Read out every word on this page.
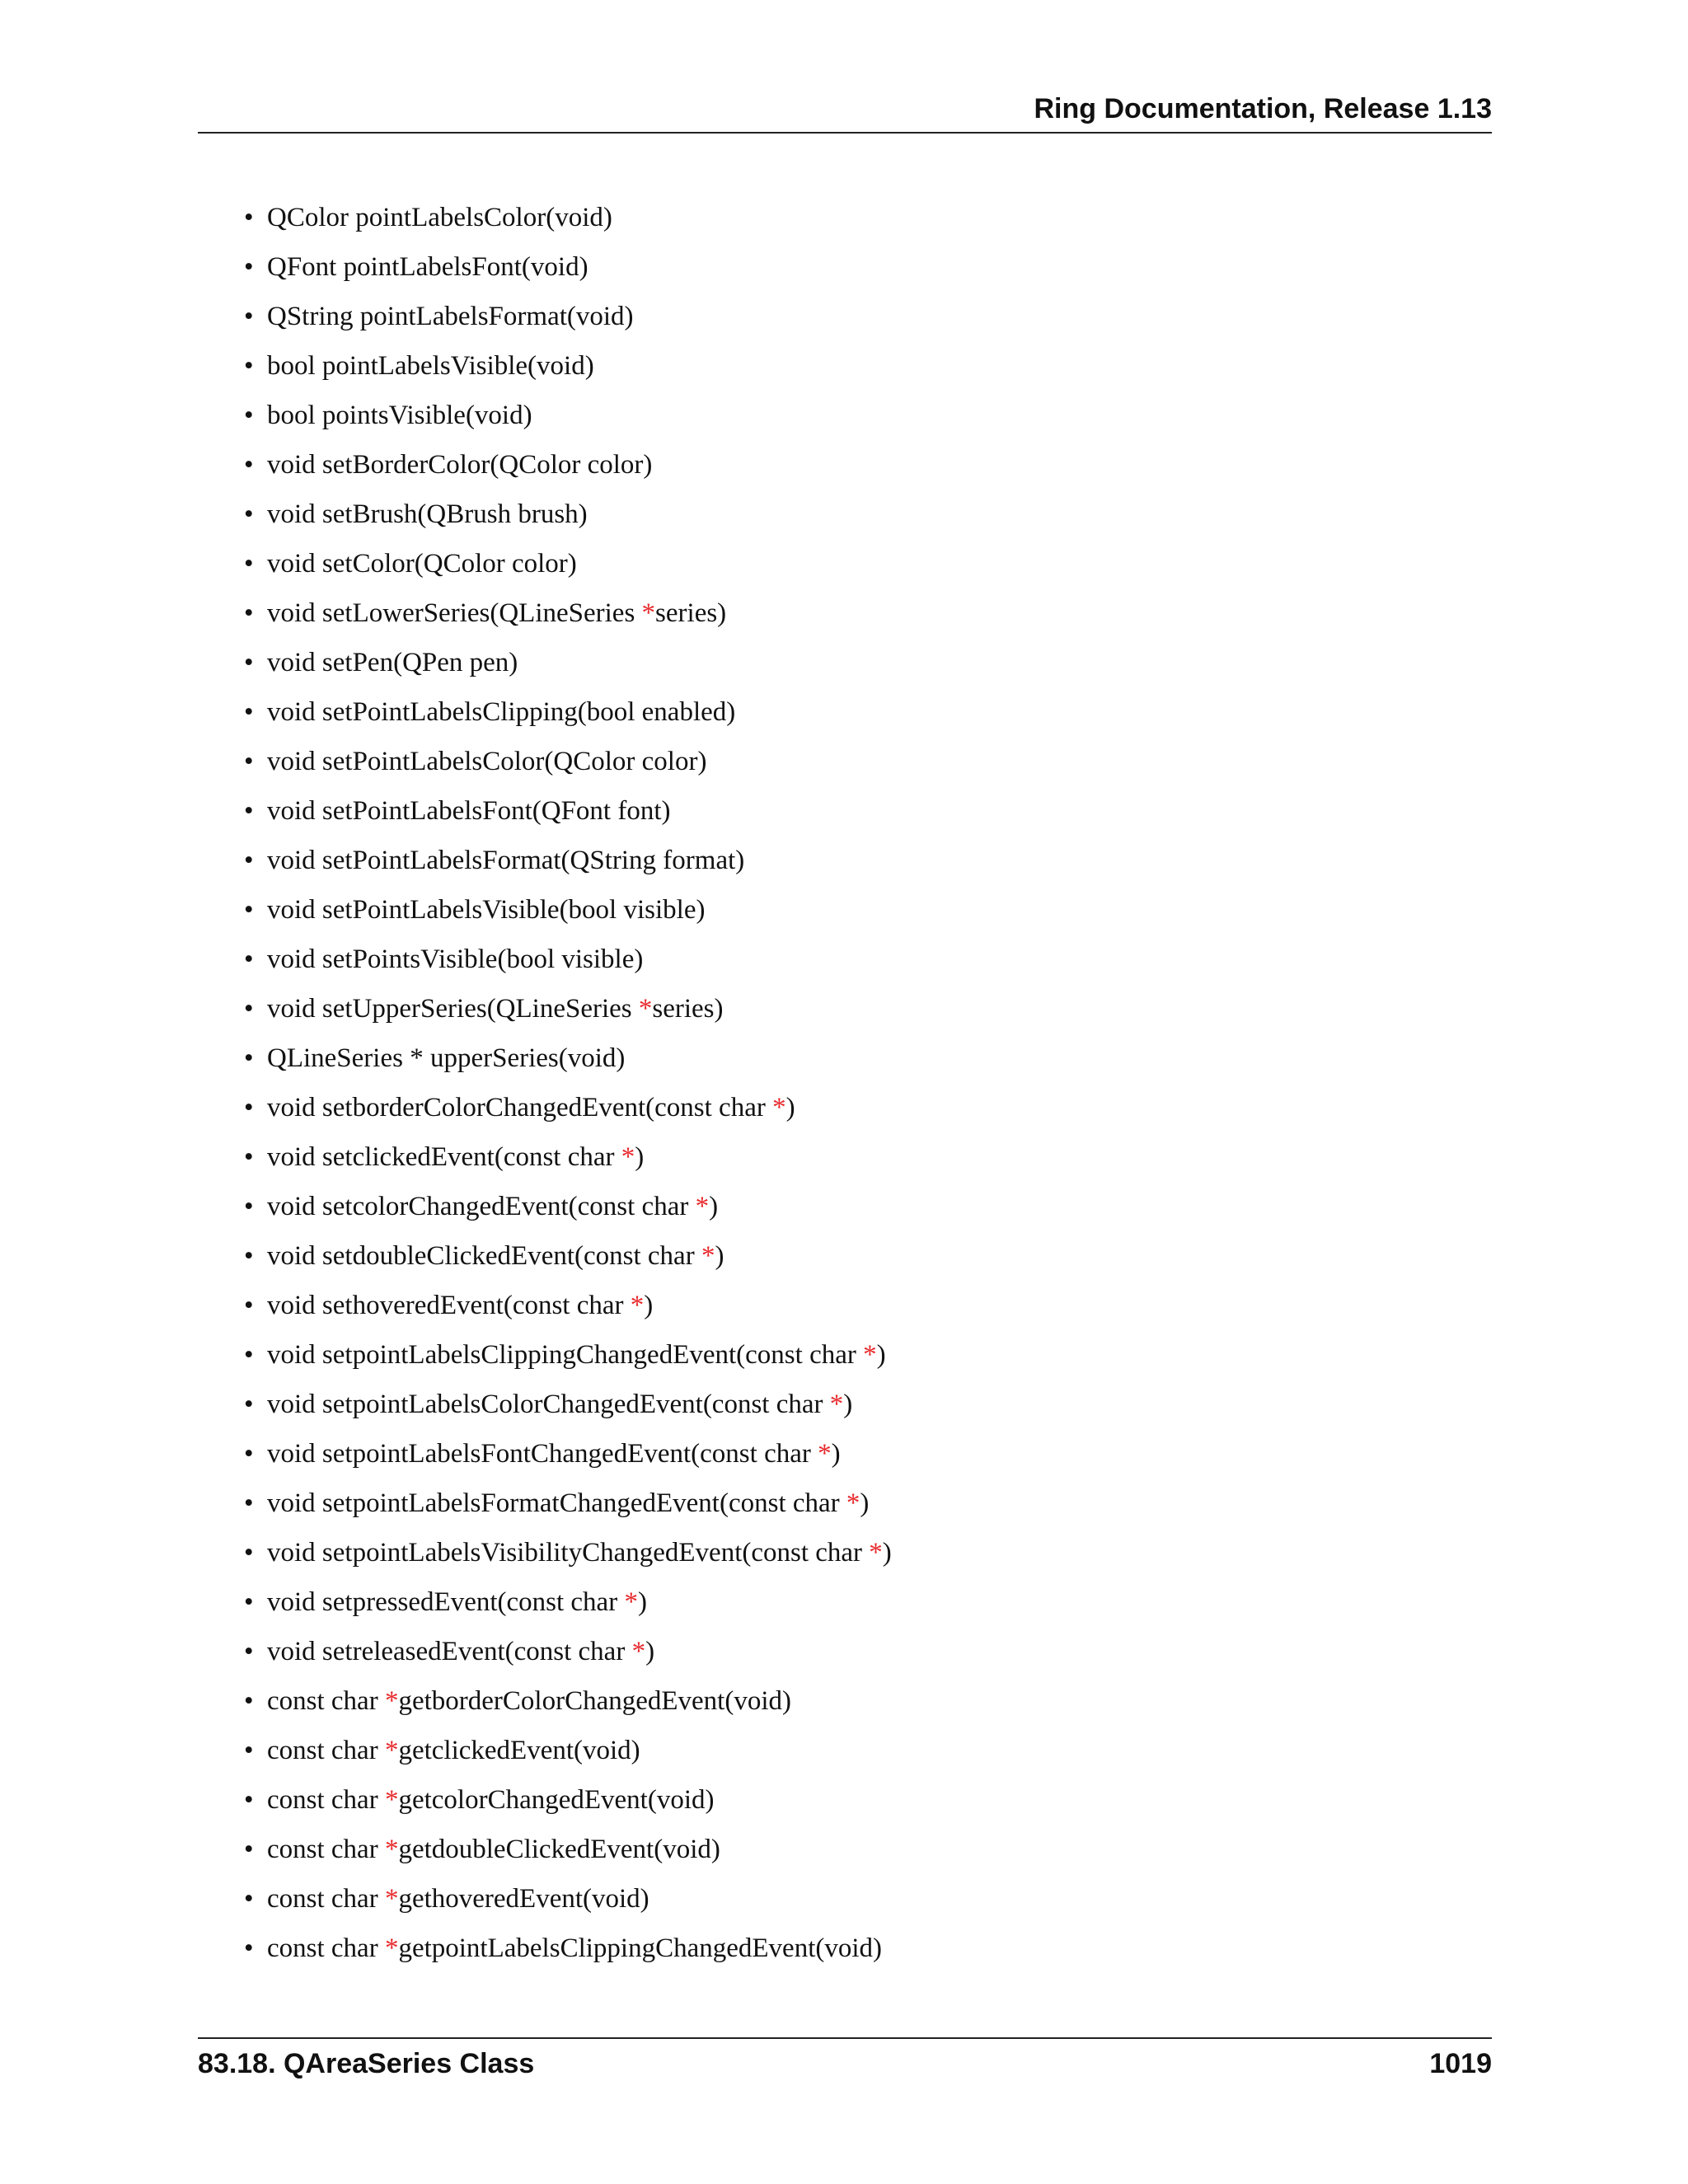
Ring Documentation, Release 1.13
• QColor pointLabelsColor(void)
• QFont pointLabelsFont(void)
• QString pointLabelsFormat(void)
• bool pointLabelsVisible(void)
• bool pointsVisible(void)
• void setBorderColor(QColor color)
• void setBrush(QBrush brush)
• void setColor(QColor color)
• void setLowerSeries(QLineSeries *series)
• void setPen(QPen pen)
• void setPointLabelsClipping(bool enabled)
• void setPointLabelsColor(QColor color)
• void setPointLabelsFont(QFont font)
• void setPointLabelsFormat(QString format)
• void setPointLabelsVisible(bool visible)
• void setPointsVisible(bool visible)
• void setUpperSeries(QLineSeries *series)
• QLineSeries * upperSeries(void)
• void setborderColorChangedEvent(const char *)
• void setclickedEvent(const char *)
• void setcolorChangedEvent(const char *)
• void setdoubleClickedEvent(const char *)
• void sethoveredEvent(const char *)
• void setpointLabelsClippingChangedEvent(const char *)
• void setpointLabelsColorChangedEvent(const char *)
• void setpointLabelsFontChangedEvent(const char *)
• void setpointLabelsFormatChangedEvent(const char *)
• void setpointLabelsVisibilityChangedEvent(const char *)
• void setpressedEvent(const char *)
• void setreleasedEvent(const char *)
• const char *getborderColorChangedEvent(void)
• const char *getclickedEvent(void)
• const char *getcolorChangedEvent(void)
• const char *getdoubleClickedEvent(void)
• const char *gethoveredEvent(void)
• const char *getpointLabelsClippingChangedEvent(void)
83.18. QAreaSeries Class	1019
